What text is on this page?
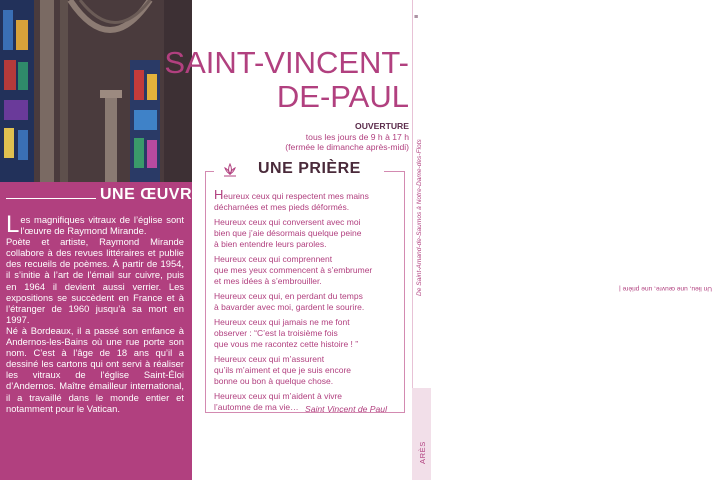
UNE ŒUVRE

Les magnifiques vitraux de l’église sont l’œuvre de Raymond Mirande.

Poète et artiste, Raymond Mirande collabore à des revues littéraires et publie des recueils de poèmes. À partir de 1954, il s’initie à l’art de l’émail sur cuivre, puis en 1964 il devient aussi verrier. Les expositions se succèdent en France et à l’étranger de 1960 jusqu’à sa mort en 1997.

Né à Bordeaux, il a passé son enfance à Andernos-les-Bains où une rue porte son nom. C’est à l’âge de 18 ans qu’il a dessiné les cartons qui ont servi à réaliser les vitraux de l’église Saint-Éloi d’Andernos. Maître émailleur international, il a travaillé dans le monde entier et notamment pour le Vatican.

SAINT-VINCENT-
DE-PAUL
OUVERTURE
tous les jours de 9 h à 17 h
(fermée le dimanche après-midi)
UNE PRIÈRE

Heureux ceux qui respectent mes mains
décharnées et mes pieds déformés.

Heureux ceux qui conversent avec moi
bien que j’aie désormais quelque peine
à bien entendre leurs paroles.

Heureux ceux qui comprennent
que mes yeux commencent à s’embrumer
et mes idées à s’embrouiller.

Heureux ceux qui, en perdant du temps
à bavarder avec moi, gardent le sourire.

Heureux ceux qui jamais ne me font
observer : “C’est la troisième fois
que vous me racontez cette histoire ! ”

Heureux ceux qui m’assurent
qu’ils m’aiment et que je suis encore
bonne ou bon à quelque chose.

Heureux ceux qui m’aident à vivre
l’automne de ma vie… Saint Vincent de Paul
≡
Un lieu, une œuvre, une prière |
De Saint-Amand-de-Saumos à Notre-Dame-des-Flots
ARÈS
